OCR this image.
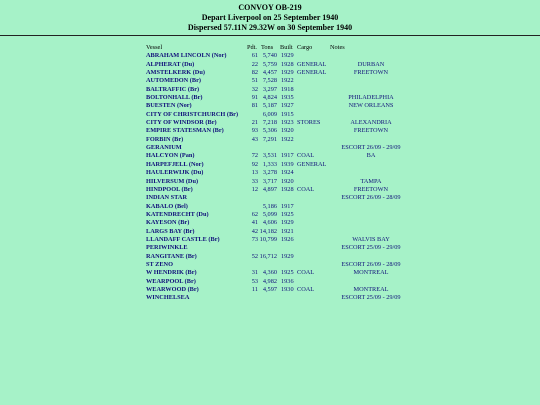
CONVOY OB-219
Depart Liverpool on 25 September 1940
Dispersed 57.11N 29.32W on 30 September 1940
Vessel	Pdt. Tons Built Cargo	Notes
ABRAHAM LINCOLN (Nor)	61 5,740 1929
ALPHERAT (Du)	22 5,759 1928 GENERAL	DURBAN
AMSTELKERK (Du)	82 4,457 1929 GENERAL	FREETOWN
AUTOMEDON (Br)	51 7,528 1922
BALTRAFFIC (Br)	32 3,297 1918
BOLTONHALL (Br)	91 4,824 1935	PHILADELPHIA
BUESTEN (Nor)	81 5,187 1927	NEW ORLEANS
CITY OF CHRISTCHURCH (Br)	6,009 1915
CITY OF WINDSOR (Br)	21 7,218 1923 STORES	ALEXANDRIA
EMPIRE STATESMAN (Br)	93 5,306 1920	FREETOWN
FORBIN (Br)	43 7,291 1922
GERANIUM	ESCORT 26/09 - 29/09
HALCYON (Pan)	72 3,531 1917 COAL	BA
HARPEFJELL (Nor)	92 1,333 1939 GENERAL
HAULERWIJK (Du)	13 3,278 1924
HILVERSUM (Du)	33 3,717 1920	TAMPA
HINDPOOL (Br)	12 4,897 1928 COAL	FREETOWN
INDIAN STAR	ESCORT 26/09 - 28/09
KABALO (Bel)	5,186 1917
KATENDRECHT (Du)	62 5,099 1925
KAYESON (Br)	41 4,606 1929
LARGS BAY (Br)	42 14,182 1921
LLANDAFF CASTLE (Br)	73 10,799 1926	WALVIS BAY
PERIWINKLE	ESCORT 25/09 - 29/09
RANGITANE (Br)	52 16,712 1929
ST ZENO	ESCORT 26/09 - 28/09
W HENDRIK (Br)	31 4,360 1925 COAL	MONTREAL
WEARPOOL (Br)	53 4,982 1936
WEARWOOD (Br)	11 4,597 1930 COAL	MONTREAL
WINCHELSEA	ESCORT 25/09 - 29/09
